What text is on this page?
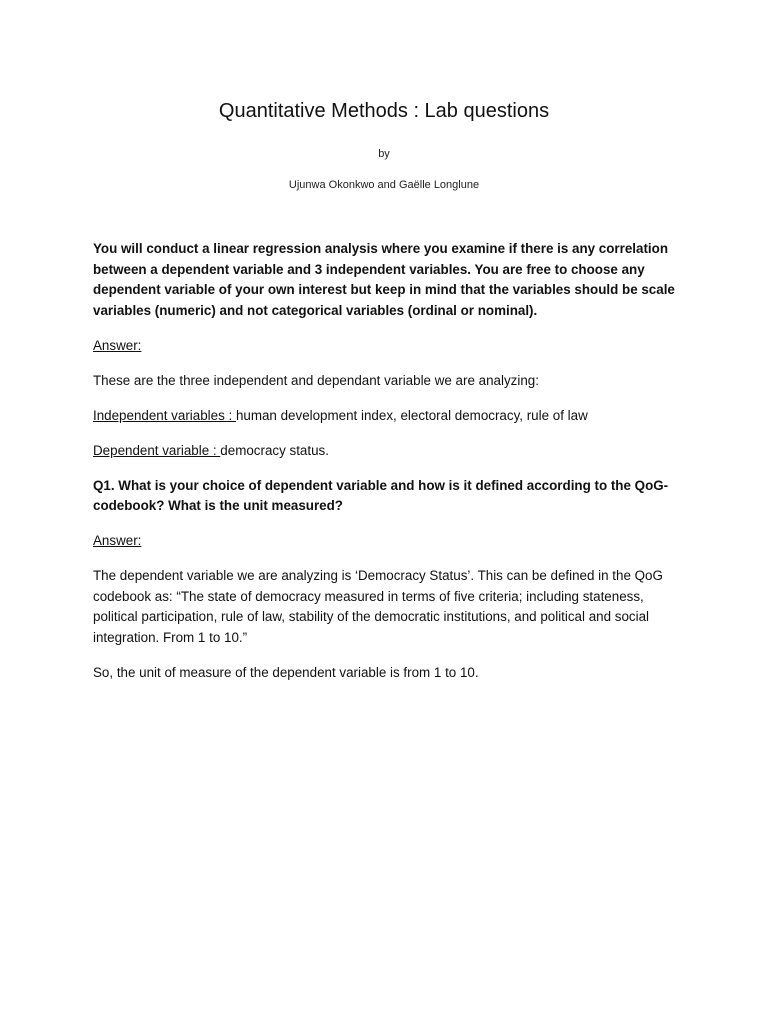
Quantitative Methods : Lab questions
by
Ujunwa Okonkwo and Gaëlle Longlune

You will conduct a linear regression analysis where you examine if there is any correlation between a dependent variable and 3 independent variables. You are free to choose any dependent variable of your own interest but keep in mind that the variables should be scale variables (numeric) and not categorical variables (ordinal or nominal).

Answer:

These are the three independent and dependant variable we are analyzing:

Independent variables : human development index, electoral democracy, rule of law

Dependent variable : democracy status.

Q1. What is your choice of dependent variable and how is it defined according to the QoG-codebook? What is the unit measured?

Answer:

The dependent variable we are analyzing is ‘Democracy Status’. This can be defined in the QoG codebook as: “The state of democracy measured in terms of five criteria; including stateness, political participation, rule of law, stability of the democratic institutions, and political and social integration. From 1 to 10.”

So, the unit of measure of the dependent variable is from 1 to 10.
